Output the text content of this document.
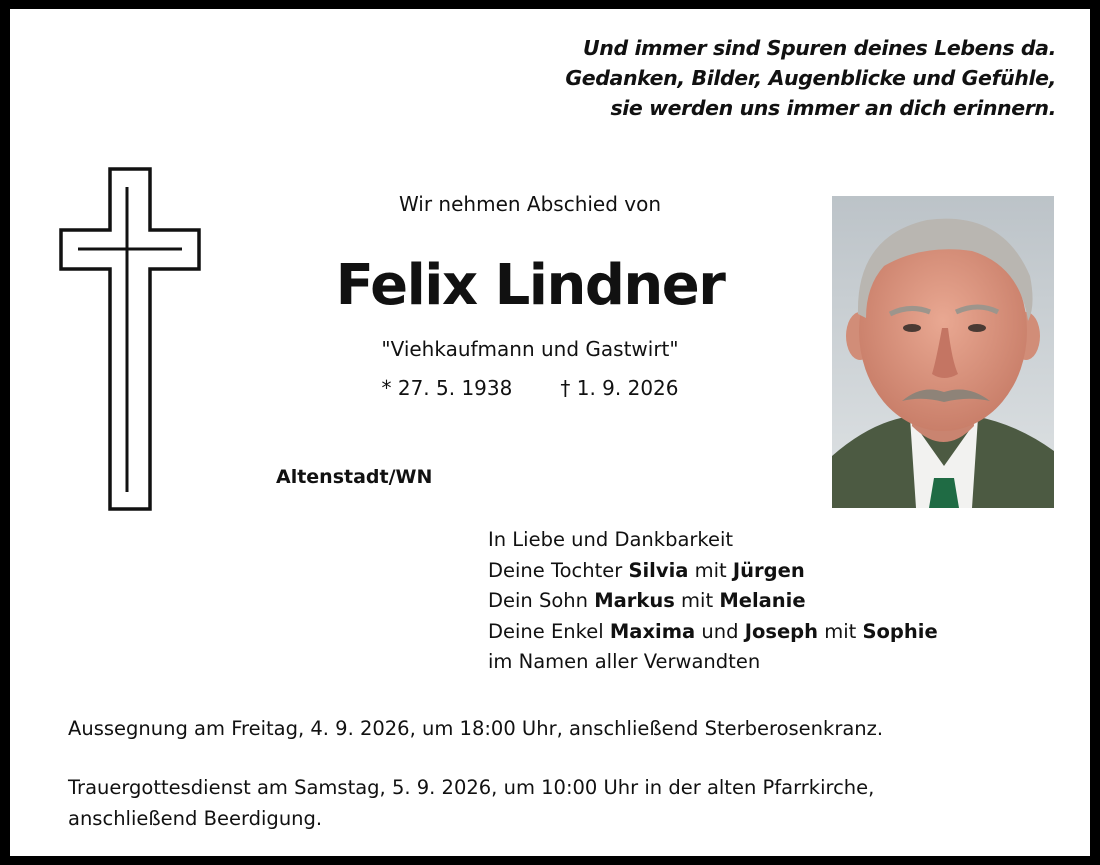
Und immer sind Spuren deines Lebens da.
Gedanken, Bilder, Augenblicke und Gefühle,
sie werden uns immer an dich erinnern.
Wir nehmen Abschied von
Felix Lindner
"Viehkaufmann und Gastwirt"
* 27. 5. 1938 † 1. 9. 2026
Altenstadt/WN
In Liebe und Dankbarkeit
Deine Tochter Silvia mit Jürgen
Dein Sohn Markus mit Melanie
Deine Enkel Maxima und Joseph mit Sophie
im Namen aller Verwandten
Aussegnung am Freitag, 4. 9. 2026, um 18:00 Uhr, anschließend Sterberosenkranz.
Trauergottesdienst am Samstag, 5. 9. 2026, um 10:00 Uhr in der alten Pfarrkirche,
anschließend Beerdigung.
